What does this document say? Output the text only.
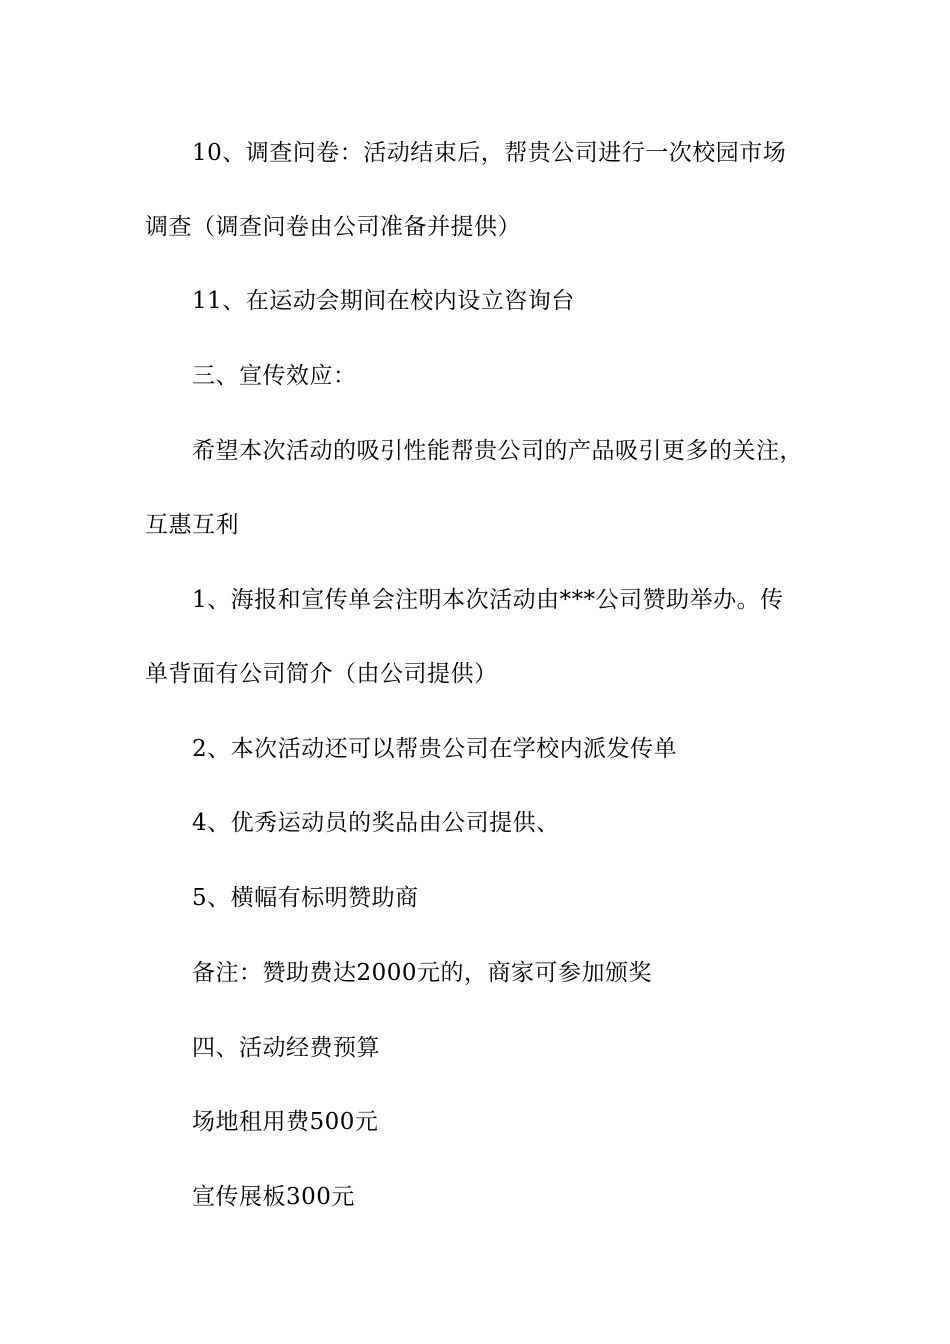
10、调查问卷：活动结束后，帮贵公司进行一次校园市场
调查（调查问卷由公司准备并提供）
11、在运动会期间在校内设立咨询台
三、宣传效应：
希望本次活动的吸引性能帮贵公司的产品吸引更多的关注，
互惠互利
1、海报和宣传单会注明本次活动由***公司赞助举办。传
单背面有公司简介（由公司提供）
2、本次活动还可以帮贵公司在学校内派发传单
4、优秀运动员的奖品由公司提供、
5、横幅有标明赞助商
备注：赞助费达2000元的，商家可参加颁奖
四、活动经费预算
场地租用费500元
宣传展板300元
